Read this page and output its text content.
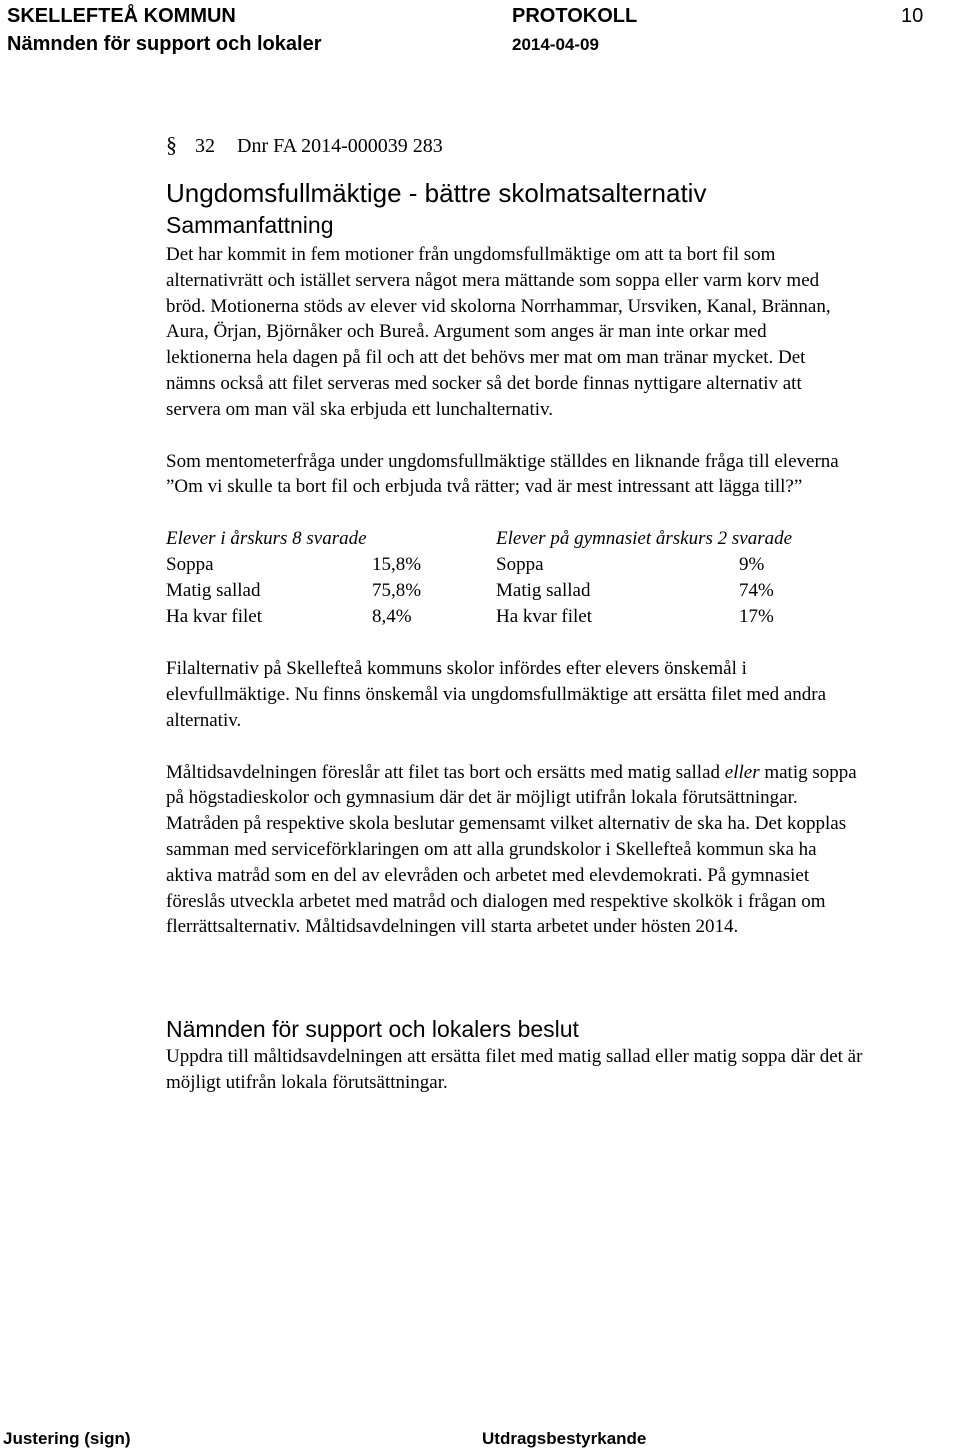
SKELLEFTEÅ KOMMUN	PROTOKOLL	10
Nämnden för support och lokaler	2014-04-09
§ 32 Dnr FA 2014-000039 283
Ungdomsfullmäktige - bättre skolmatsalternativ
Sammanfattning

Det har kommit in fem motioner från ungdomsfullmäktige om att ta bort fil som alternativrätt och istället servera något mera mättande som soppa eller varm korv med bröd. Motionerna stöds av elever vid skolorna Norrhammar, Ursviken, Kanal, Brännan, Aura, Örjan, Björnåker och Bureå. Argument som anges är man inte orkar med lektionerna hela dagen på fil och att det behövs mer mat om man tränar mycket. Det nämns också att filet serveras med socker så det borde finnas nyttigare alternativ att servera om man väl ska erbjuda ett lunchalternativ.

Som mentometerfråga under ungdomsfullmäktige ställdes en liknande fråga till eleverna ”Om vi skulle ta bort fil och erbjuda två rätter; vad är mest intressant att lägga till?”

Elever i årskurs 8 svarade		Elever på gymnasiet årskurs 2 svarade	
Soppa	15,8%	Soppa	9%
Matig sallad	75,8%	Matig sallad	74%
Ha kvar filet	8,4%	Ha kvar filet	17%

Filalternativ på Skellefteå kommuns skolor infördes efter elevers önskemål i elevfullmäktige. Nu finns önskemål via ungdomsfullmäktige att ersätta filet med andra alternativ.

Måltidsavdelningen föreslår att filet tas bort och ersätts med matig sallad eller matig soppa på högstadieskolor och gymnasium där det är möjligt utifrån lokala förutsättningar. Matråden på respektive skola beslutar gemensamt vilket alternativ de ska ha. Det kopplas samman med serviceförklaringen om att alla grundskolor i Skellefteå kommun ska ha aktiva matråd som en del av elevråden och arbetet med elevdemokrati. På gymnasiet föreslås utveckla arbetet med matråd och dialogen med respektive skolkök i frågan om flerrättsalternativ. Måltidsavdelningen vill starta arbetet under hösten 2014.

Nämnden för support och lokalers beslut

Uppdra till måltidsavdelningen att ersätta filet med matig sallad eller matig soppa där det är möjligt utifrån lokala förutsättningar.

Justering (sign)	Utdragsbestyrkande
